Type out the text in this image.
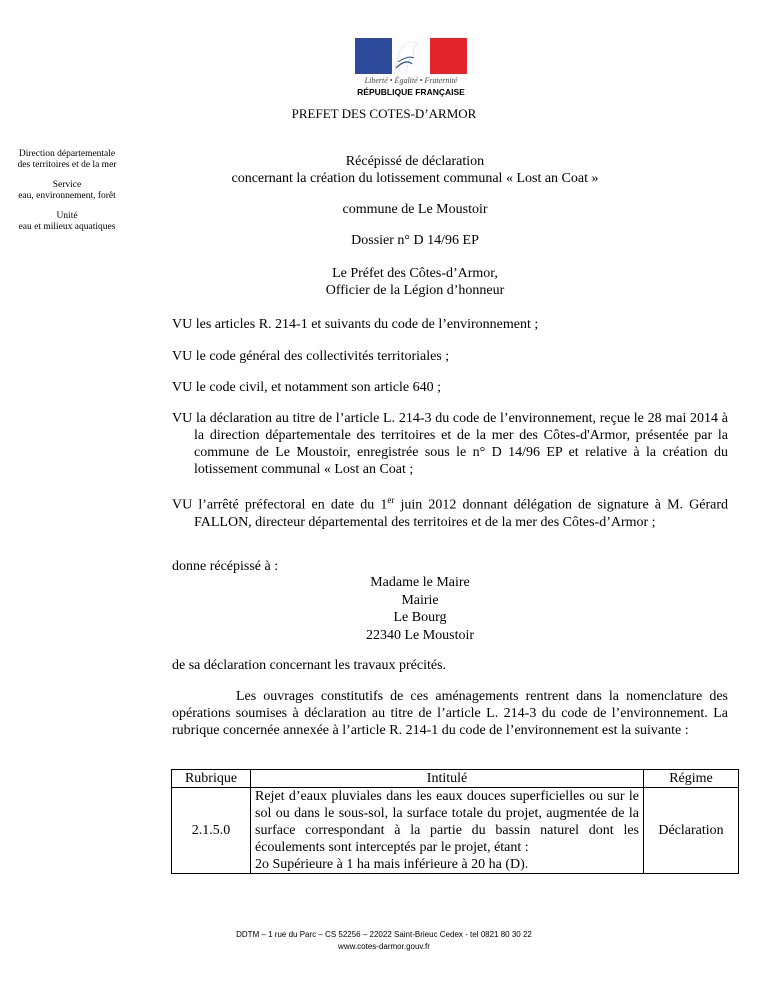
Liberté • Égalité • Fraternité
RÉPUBLIQUE FRANÇAISE
PREFET DES COTES-D’ARMOR
Direction départementale
des territoires et de la mer
Service
eau, environnement, forêt
Unité
eau et milieux aquatiques
Récépissé de déclaration
concernant la création du lotissement communal « Lost an Coat »
commune de Le Moustoir
Dossier n° D 14/96 EP
Le Préfet des Côtes-d’Armor,
Officier de la Légion d’honneur
VU les articles R. 214-1 et suivants du code de l’environnement ;
VU le code général des collectivités territoriales ;
VU le code civil, et notamment son article 640 ;

VU la déclaration au titre de l’article L. 214-3 du code de l’environnement, reçue le 28 mai 2014 à la direction départementale des territoires et de la mer des Côtes-d'Armor, présentée par la commune de Le Moustoir, enregistrée sous le n° D 14/96 EP et relative à la création du lotissement communal « Lost an Coat ;

VU l’arrêté préfectoral en date du 1er juin 2012 donnant délégation de signature à M. Gérard FALLON, directeur départemental des territoires et de la mer des Côtes-d’Armor ;

donne récépissé à :
Madame le Maire
Mairie
Le Bourg
22340 Le Moustoir
de sa déclaration concernant les travaux précités.
Les ouvrages constitutifs de ces aménagements rentrent dans la nomenclature des opérations soumises à déclaration au titre de l’article L. 214-3 du code de l’environnement. La rubrique concernée annexée à l’article R. 214-1 du code de l’environnement est la suivante :
Rubrique	Intitulé	Régime
2.1.5.0	Rejet d’eaux pluviales dans les eaux douces superficielles ou sur le sol ou dans le sous-sol, la surface totale du projet, augmentée de la surface correspondant à la partie du bassin naturel dont les écoulements sont interceptés par le projet, étant :
2o Supérieure à 1 ha mais inférieure à 20 ha (D).	Déclaration
DDTM – 1 rue du Parc – CS 52256 – 22022 Saint-Brieuc Cedex - tel 0821 80 30 22
www.cotes-darmor.gouv.fr
